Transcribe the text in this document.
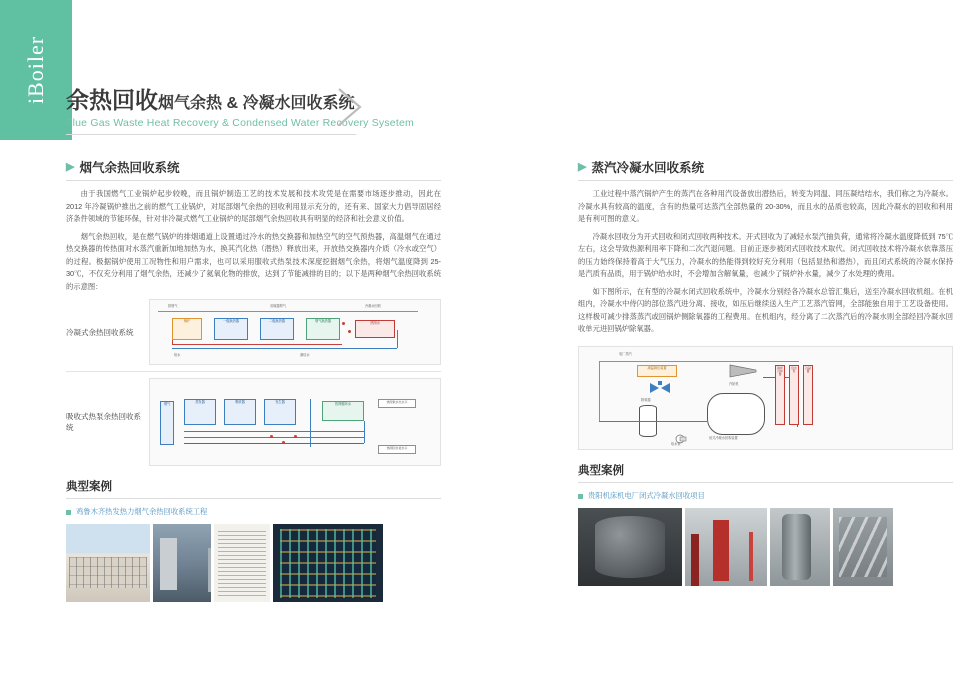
iBoiler 余热回收烟气余热 & 冷凝水回收系统
Flue Gas Waste Heat Recovery & Condensed Water Recovery Sysetem
▶ 烟气余热回收系统

由于我国燃气工业锅炉起步较晚，而且锅炉制造工艺的技术发展和技术攻凭是在需要市场逐步推动，因此在 2012 年冷凝锅炉推出之前的燃气工业锅炉，对尾部烟气余热的回收利用显示充分的，还有来、国家大力倡导固居经济条件领域的节能环保，针对非冷凝式燃气工业锅炉的尾部烟气余热回收具有明显的经济和社会意义价值。

烟气余热回收，是在燃气锅炉的排烟通道上设置通过冷水的热交换器和加热空气的空气预热器，高温烟气在通过热交换器的传热面对水蒸汽重新加地加热为水，换其汽化热（潜热）释放出来，开放热交换器内介质（冷水或空气）的过程。极据锅炉使用工况物性和用户需求，也可以采用服收式热泵技术深度挖掘烟气余热，将烟气温度降到 25-30℃，不仅充分利用了烟气余热，还减少了氦氧化物的排放，达到了节能减排的目的；以下是两种烟气余热回收系统的示意图：

冷凝式余热回收系统
排烟气	省煤器烟气	冷凝水回收
锅炉	一级换热器	二级换热器	烟气换热器	热网水
给水	凝结水
吸收式热泵余热回收系统
烟气	蒸发器	吸收器	发生器	热网循环水	热网供水出水口
热网回水进水口
典型案例
鸡鲁木齐热发热力烟气余热回收系统工程
▶ 蒸汽冷凝水回收系统

工业过程中蒸汽锅炉产生的蒸汽在各种用汽设备放出潜热后，转变为同温、同压凝结结水，我们称之为冷凝水。冷凝水具有较高的温度，含有的热量可达蒸汽全部热量的 20-30%，而且水的品质也较高，因此冷凝水的回收和利用是有利可图的意义。

冷凝水回收分为开式回收和闭式回收两种技术。开式回收为了减轻水泵汽抽负荷，通常将冷凝水温度降低到 75℃左右，这会导致热源利用率下降和二次汽退问题。目前正逐步被闭式回收技术取代。闭式回收技术将冷凝水依靠蒸压的压力始终保持着高于大气压力，冷凝水的热能得到较好充分利用（包括显热和潜热），而且闭式系统的冷凝水保持是汽质有品质，用于锅炉给水时，不会增加含解氧量，也减少了锅炉补水量，减少了水处理的费用。

如下图所示，在有型的冷凝水闭式回收系统中，冷凝水分别经各冷凝水总管汇集后，送至冷凝水回收机组。在机组内，冷凝水中侍闪的部位蒸汽进分离、接收，如压后继续送入生产工艺蒸汽管网，全部能独自用于工艺设备使用。这样极可减少排蒸蒸汽或回锅炉侧除氧器的工程费用。在机组内，经分离了二次蒸汽后的冷凝水则全部经回冷凝水回收单元进回锅炉除氧器。

电厂蒸汽
减温减压装置
汽轮机
除氧器
闭式冷凝水回收装置
取样冷却器
给水泵
冷凝器
给水泵
典型案例
贵阳机床机电厂闭式冷凝水回收项目
